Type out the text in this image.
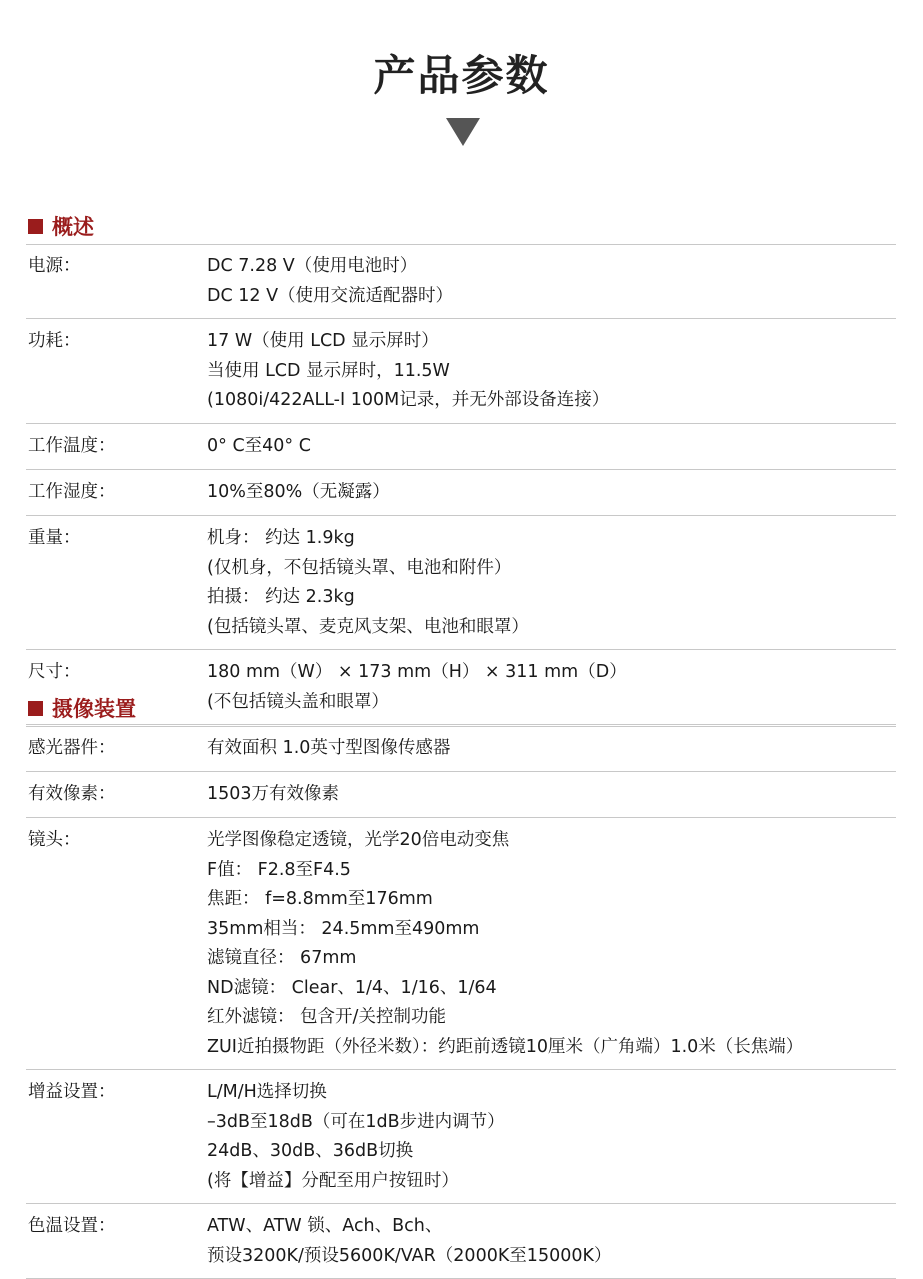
产品参数
概述
电源：	DC 7.28 V（使用电池时）
DC 12 V（使用交流适配器时）
功耗：	17 W（使用 LCD 显示屏时）
当使用 LCD 显示屏时，11.5W
(1080i/422ALL-I 100M记录，并无外部设备连接）
工作温度：	0° C至40° C
工作湿度：	10%至80%（无凝露）
重量：	机身： 约达 1.9kg
(仅机身，不包括镜头罩、电池和附件）
拍摄： 约达 2.3kg
(包括镜头罩、麦克风支架、电池和眼罩）
尺寸：	180 mm（W） × 173 mm（H） × 311 mm（D）
(不包括镜头盖和眼罩）
摄像装置
感光器件：	有效面积 1.0英寸型图像传感器
有效像素：	1503万有效像素
镜头：	光学图像稳定透镜，光学20倍电动变焦
F值： F2.8至F4.5
焦距： f=8.8mm至176mm
35mm相当： 24.5mm至490mm
滤镜直径： 67mm
ND滤镜： Clear、1/4、1/16、1/64
红外滤镜： 包含开/关控制功能
ZUI近拍摄物距（外径米数）：约距前透镜10厘米（广角端）1.0米（长焦端）
增益设置：	L/M/H选择切换
–3dB至18dB（可在1dB步进内调节）
24dB、30dB、36dB切换
(将【增益】分配至用户按钮时）
色温设置：	ATW、ATW 锁、Ach、Bch、
预设3200K/预设5600K/VAR（2000K至15000K）
